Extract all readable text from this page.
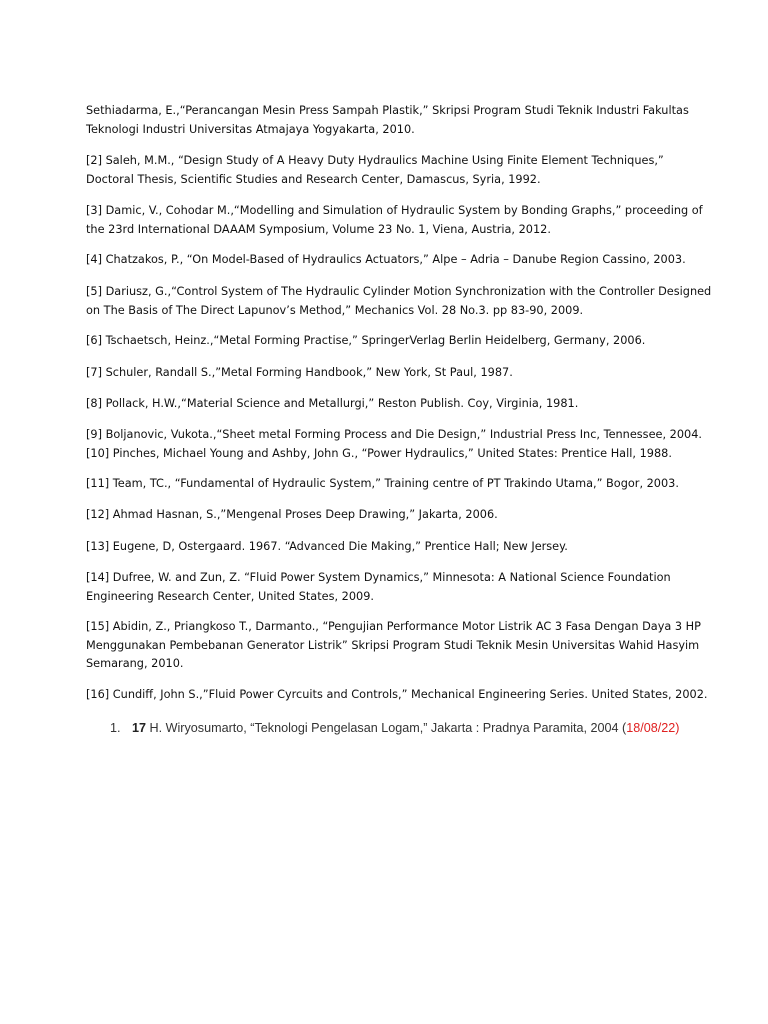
Sethiadarma, E.,“Perancangan Mesin Press Sampah Plastik,” Skripsi Program Studi Teknik Industri Fakultas
Teknologi Industri Universitas Atmajaya Yogyakarta, 2010.

[2] Saleh, M.M., “Design Study of A Heavy Duty Hydraulics Machine Using Finite Element Techniques,”
Doctoral Thesis, Scientific Studies and Research Center, Damascus, Syria, 1992.

[3] Damic, V., Cohodar M.,“Modelling and Simulation of Hydraulic System by Bonding Graphs,” proceeding of
the 23rd International DAAAM Symposium, Volume 23 No. 1, Viena, Austria, 2012.

[4] Chatzakos, P., “On Model-Based of Hydraulics Actuators,” Alpe – Adria – Danube Region Cassino, 2003.

[5] Dariusz, G.,“Control System of The Hydraulic Cylinder Motion Synchronization with the Controller Designed
on The Basis of The Direct Lapunov’s Method,” Mechanics Vol. 28 No.3. pp 83-90, 2009.

[6] Tschaetsch, Heinz.,“Metal Forming Practise,” SpringerVerlag Berlin Heidelberg, Germany, 2006.

[7] Schuler, Randall S.,”Metal Forming Handbook,” New York, St Paul, 1987.

[8] Pollack, H.W.,“Material Science and Metallurgi,” Reston Publish. Coy, Virginia, 1981.

[9] Boljanovic, Vukota.,“Sheet metal Forming Process and Die Design,” Industrial Press Inc, Tennessee, 2004.
[10] Pinches, Michael Young and Ashby, John G., “Power Hydraulics,” United States: Prentice Hall, 1988.

[11] Team, TC., “Fundamental of Hydraulic System,” Training centre of PT Trakindo Utama,” Bogor, 2003.

[12] Ahmad Hasnan, S.,”Mengenal Proses Deep Drawing,” Jakarta, 2006.

[13] Eugene, D, Ostergaard. 1967. “Advanced Die Making,” Prentice Hall; New Jersey.

[14] Dufree, W. and Zun, Z. “Fluid Power System Dynamics,” Minnesota: A National Science Foundation
Engineering Research Center, United States, 2009.

[15] Abidin, Z., Priangkoso T., Darmanto., “Pengujian Performance Motor Listrik AC 3 Fasa Dengan Daya 3 HP
Menggunakan Pembebanan Generator Listrik” Skripsi Program Studi Teknik Mesin Universitas Wahid Hasyim
Semarang, 2010.

[16] Cundiff, John S.,”Fluid Power Cyrcuits and Controls,” Mechanical Engineering Series. United States, 2002.

1. 17 H. Wiryosumarto, “Teknologi Pengelasan Logam,” Jakarta : Pradnya Paramita, 2004 (18/08/22)
